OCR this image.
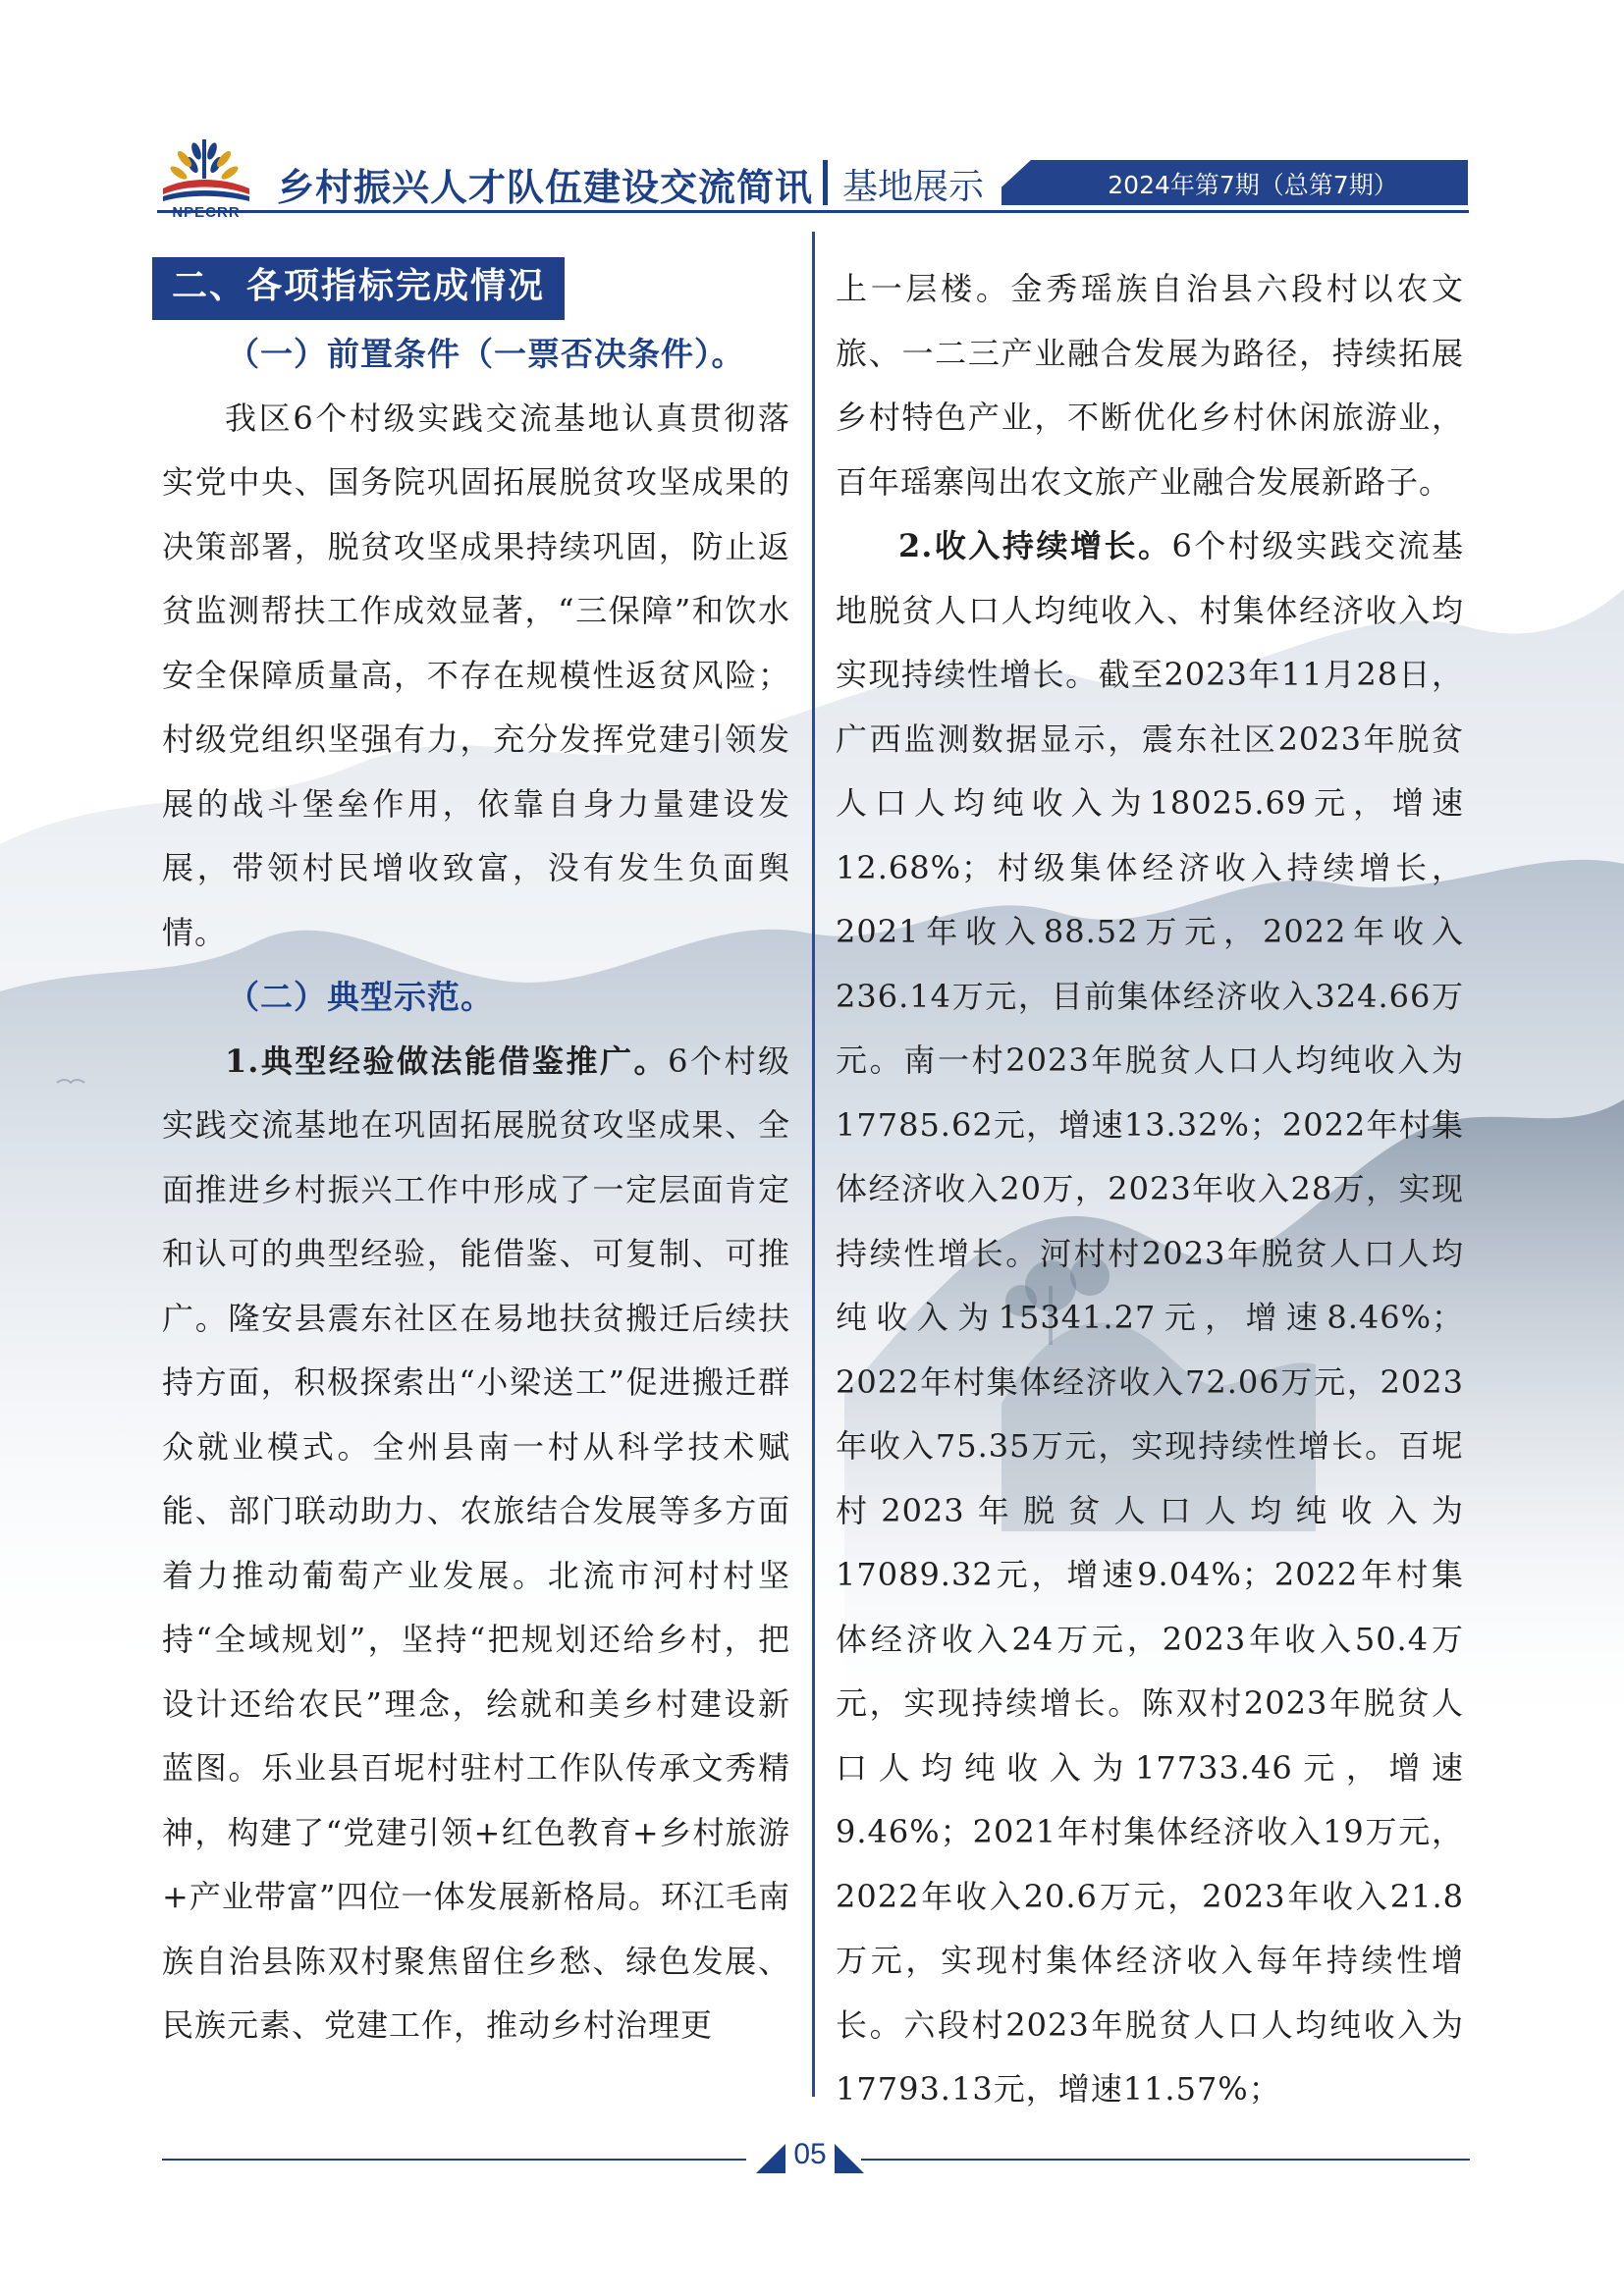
乡村振兴人才队伍建设交流简讯 基地展示	2024年第7期（总第7期）
二、各项指标完成情况

（一）前置条件（一票否决条件）。

我区6个村级实践交流基地认真贯彻落实党中央、国务院巩固拓展脱贫攻坚成果的决策部署，脱贫攻坚成果持续巩固，防止返贫监测帮扶工作成效显著，“三保障”和饮水安全保障质量高，不存在规模性返贫风险；村级党组织坚强有力，充分发挥党建引领发展的战斗堡垒作用，依靠自身力量建设发展，带领村民增收致富，没有发生负面舆情。

（二）典型示范。

1.典型经验做法能借鉴推广。6个村级实践交流基地在巩固拓展脱贫攻坚成果、全面推进乡村振兴工作中形成了一定层面肯定和认可的典型经验，能借鉴、可复制、可推广。隆安县震东社区在易地扶贫搬迁后续扶持方面，积极探索出“小梁送工”促进搬迁群众就业模式。全州县南一村从科学技术赋能、部门联动助力、农旅结合发展等多方面着力推动葡萄产业发展。北流市河村村坚持“全域规划”，坚持“把规划还给乡村，把设计还给农民”理念，绘就和美乡村建设新蓝图。乐业县百坭村驻村工作队传承文秀精神，构建了“党建引领+红色教育+乡村旅游+产业带富”四位一体发展新格局。环江毛南族自治县陈双村聚焦留住乡愁、绿色发展、民族元素、党建工作，推动乡村治理更

上一层楼。金秀瑶族自治县六段村以农文旅、一二三产业融合发展为路径，持续拓展乡村特色产业，不断优化乡村休闲旅游业，百年瑶寨闯出农文旅产业融合发展新路子。

2.收入持续增长。6个村级实践交流基地脱贫人口人均纯收入、村集体经济收入均实现持续性增长。截至2023年11月28日，广西监测数据显示，震东社区2023年脱贫人口人均纯收入为18025.69元，增速12.68%；村级集体经济收入持续增长，2021年收入88.52万元，2022年收入236.14万元，目前集体经济收入324.66万元。南一村2023年脱贫人口人均纯收入为17785.62元，增速13.32%；2022年村集体经济收入20万，2023年收入28万，实现持续性增长。河村村2023年脱贫人口人均纯收入为15341.27元，增速8.46%；2022年村集体经济收入72.06万元，2023年收入75.35万元，实现持续性增长。百坭村2023年脱贫人口人均纯收入为17089.32元，增速9.04%；2022年村集体经济收入24万元，2023年收入50.4万元，实现持续增长。陈双村2023年脱贫人口人均纯收入为17733.46元，增速9.46%；2021年村集体经济收入19万元，2022年收入20.6万元，2023年收入21.8万元，实现村集体经济收入每年持续性增长。六段村2023年脱贫人口人均纯收入为17793.13元，增速11.57%；

05
